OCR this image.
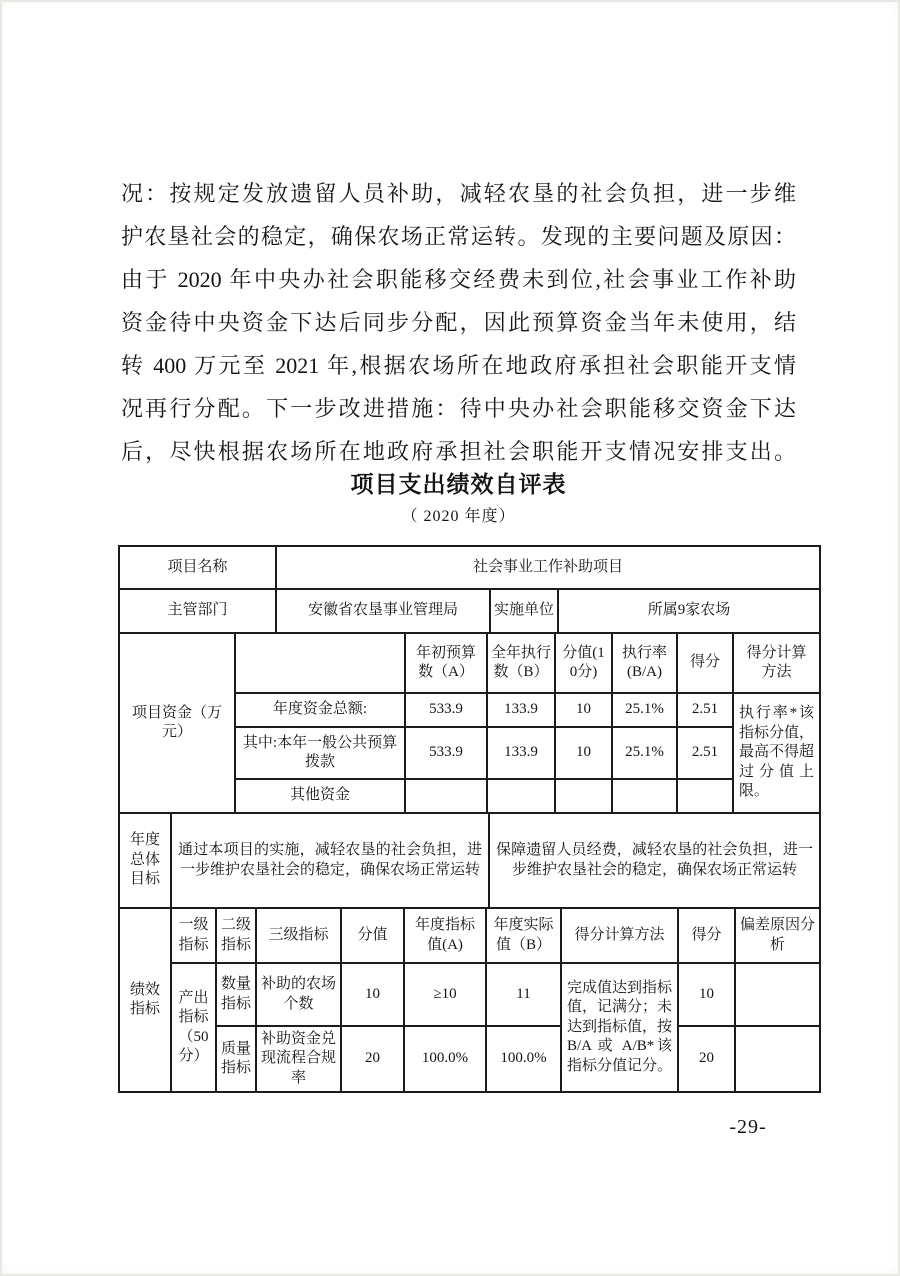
况：按规定发放遗留人员补助，减轻农垦的社会负担，进一步维
护农垦社会的稳定，确保农场正常运转。发现的主要问题及原因：
由于 2020 年中央办社会职能移交经费未到位,社会事业工作补助
资金待中央资金下达后同步分配，因此预算资金当年未使用，结
转 400 万元至 2021 年,根据农场所在地政府承担社会职能开支情
况再行分配。下一步改进措施：待中央办社会职能移交资金下达
后，尽快根据农场所在地政府承担社会职能开支情况安排支出。
项目支出绩效自评表
（ 2020 年度）
项目名称	社会事业工作补助项目		
主管部门	安徽省农垦事业管理局	实施单位	所属9家农场
项目资金（万元）		年初预算数（A）	全年执行数（B）	分值(10分)	执行率(B/A)	得分	得分计算方法
	年度资金总额:	533.9	133.9	10	25.1%	2.51	执行率*该指标分值，最高不得超过分值上限。
	其中:本年一般公共预算拨款	533.9	133.9	10	25.1%	2.51	
	其他资金						
年度总体目标	通过本项目的实施，减轻农垦的社会负担，进一步维护农垦社会的稳定，确保农场正常运转	保障遗留人员经费，减轻农垦的社会负担，进一步维护农垦社会的稳定，确保农场正常运转
绩效指标	一级指标	二级指标	三级指标	分值	年度指标值(A)	年度实际值（B）	得分计算方法	得分	偏差原因分析
	产出指标（50分）	数量指标	补助的农场个数	10	≥10	11	完成值达到指标值，记满分；未达到指标值，按B/A 或 A/B*该指标分值记分。	10	
		质量指标	补助资金兑现流程合规率	20	100.0%	100.0%		20	
-29-
